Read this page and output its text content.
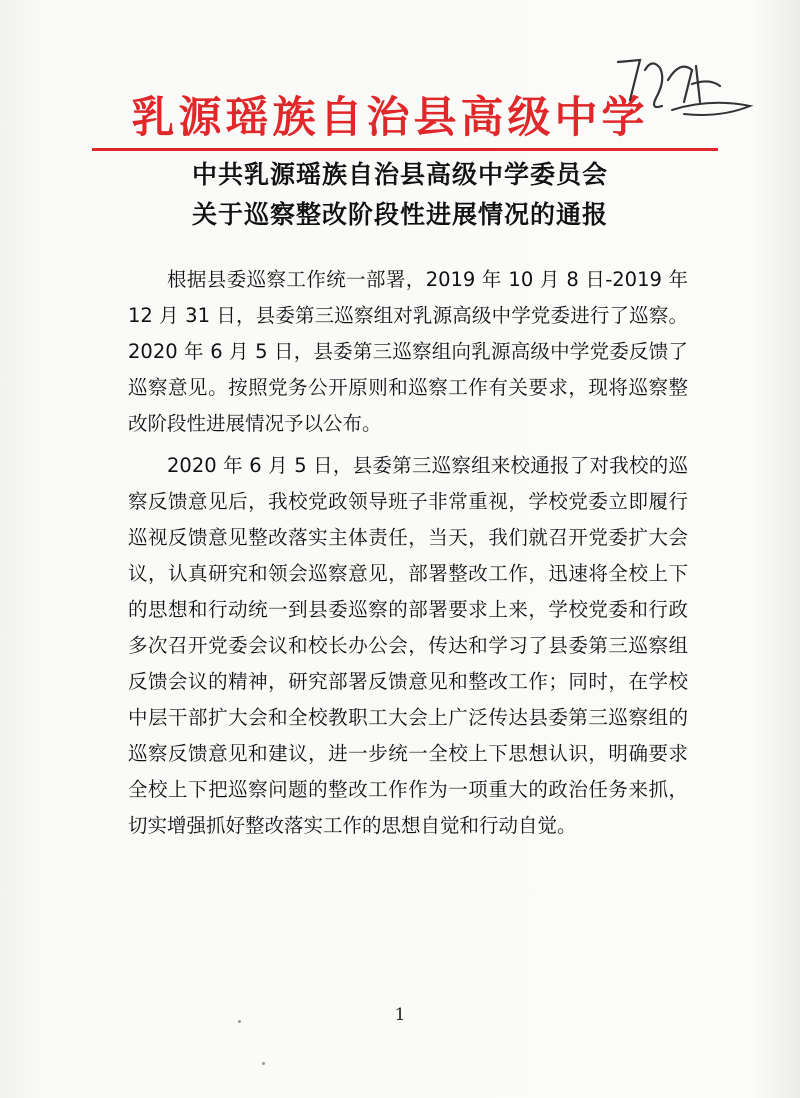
乳源瑶族自治县高级中学
中共乳源瑶族自治县高级中学委员会
关于巡察整改阶段性进展情况的通报

根据县委巡察工作统一部署，2019 年 10 月 8 日-2019 年 12 月 31 日，县委第三巡察组对乳源高级中学党委进行了巡察。2020 年 6 月 5 日，县委第三巡察组向乳源高级中学党委反馈了巡察意见。按照党务公开原则和巡察工作有关要求，现将巡察整改阶段性进展情况予以公布。

2020 年 6 月 5 日，县委第三巡察组来校通报了对我校的巡察反馈意见后，我校党政领导班子非常重视，学校党委立即履行巡视反馈意见整改落实主体责任，当天，我们就召开党委扩大会议，认真研究和领会巡察意见，部署整改工作，迅速将全校上下的思想和行动统一到县委巡察的部署要求上来，学校党委和行政多次召开党委会议和校长办公会，传达和学习了县委第三巡察组反馈会议的精神，研究部署反馈意见和整改工作；同时，在学校中层干部扩大会和全校教职工大会上广泛传达县委第三巡察组的巡察反馈意见和建议，进一步统一全校上下思想认识，明确要求全校上下把巡察问题的整改工作作为一项重大的政治任务来抓，切实增强抓好整改落实工作的思想自觉和行动自觉。

1
